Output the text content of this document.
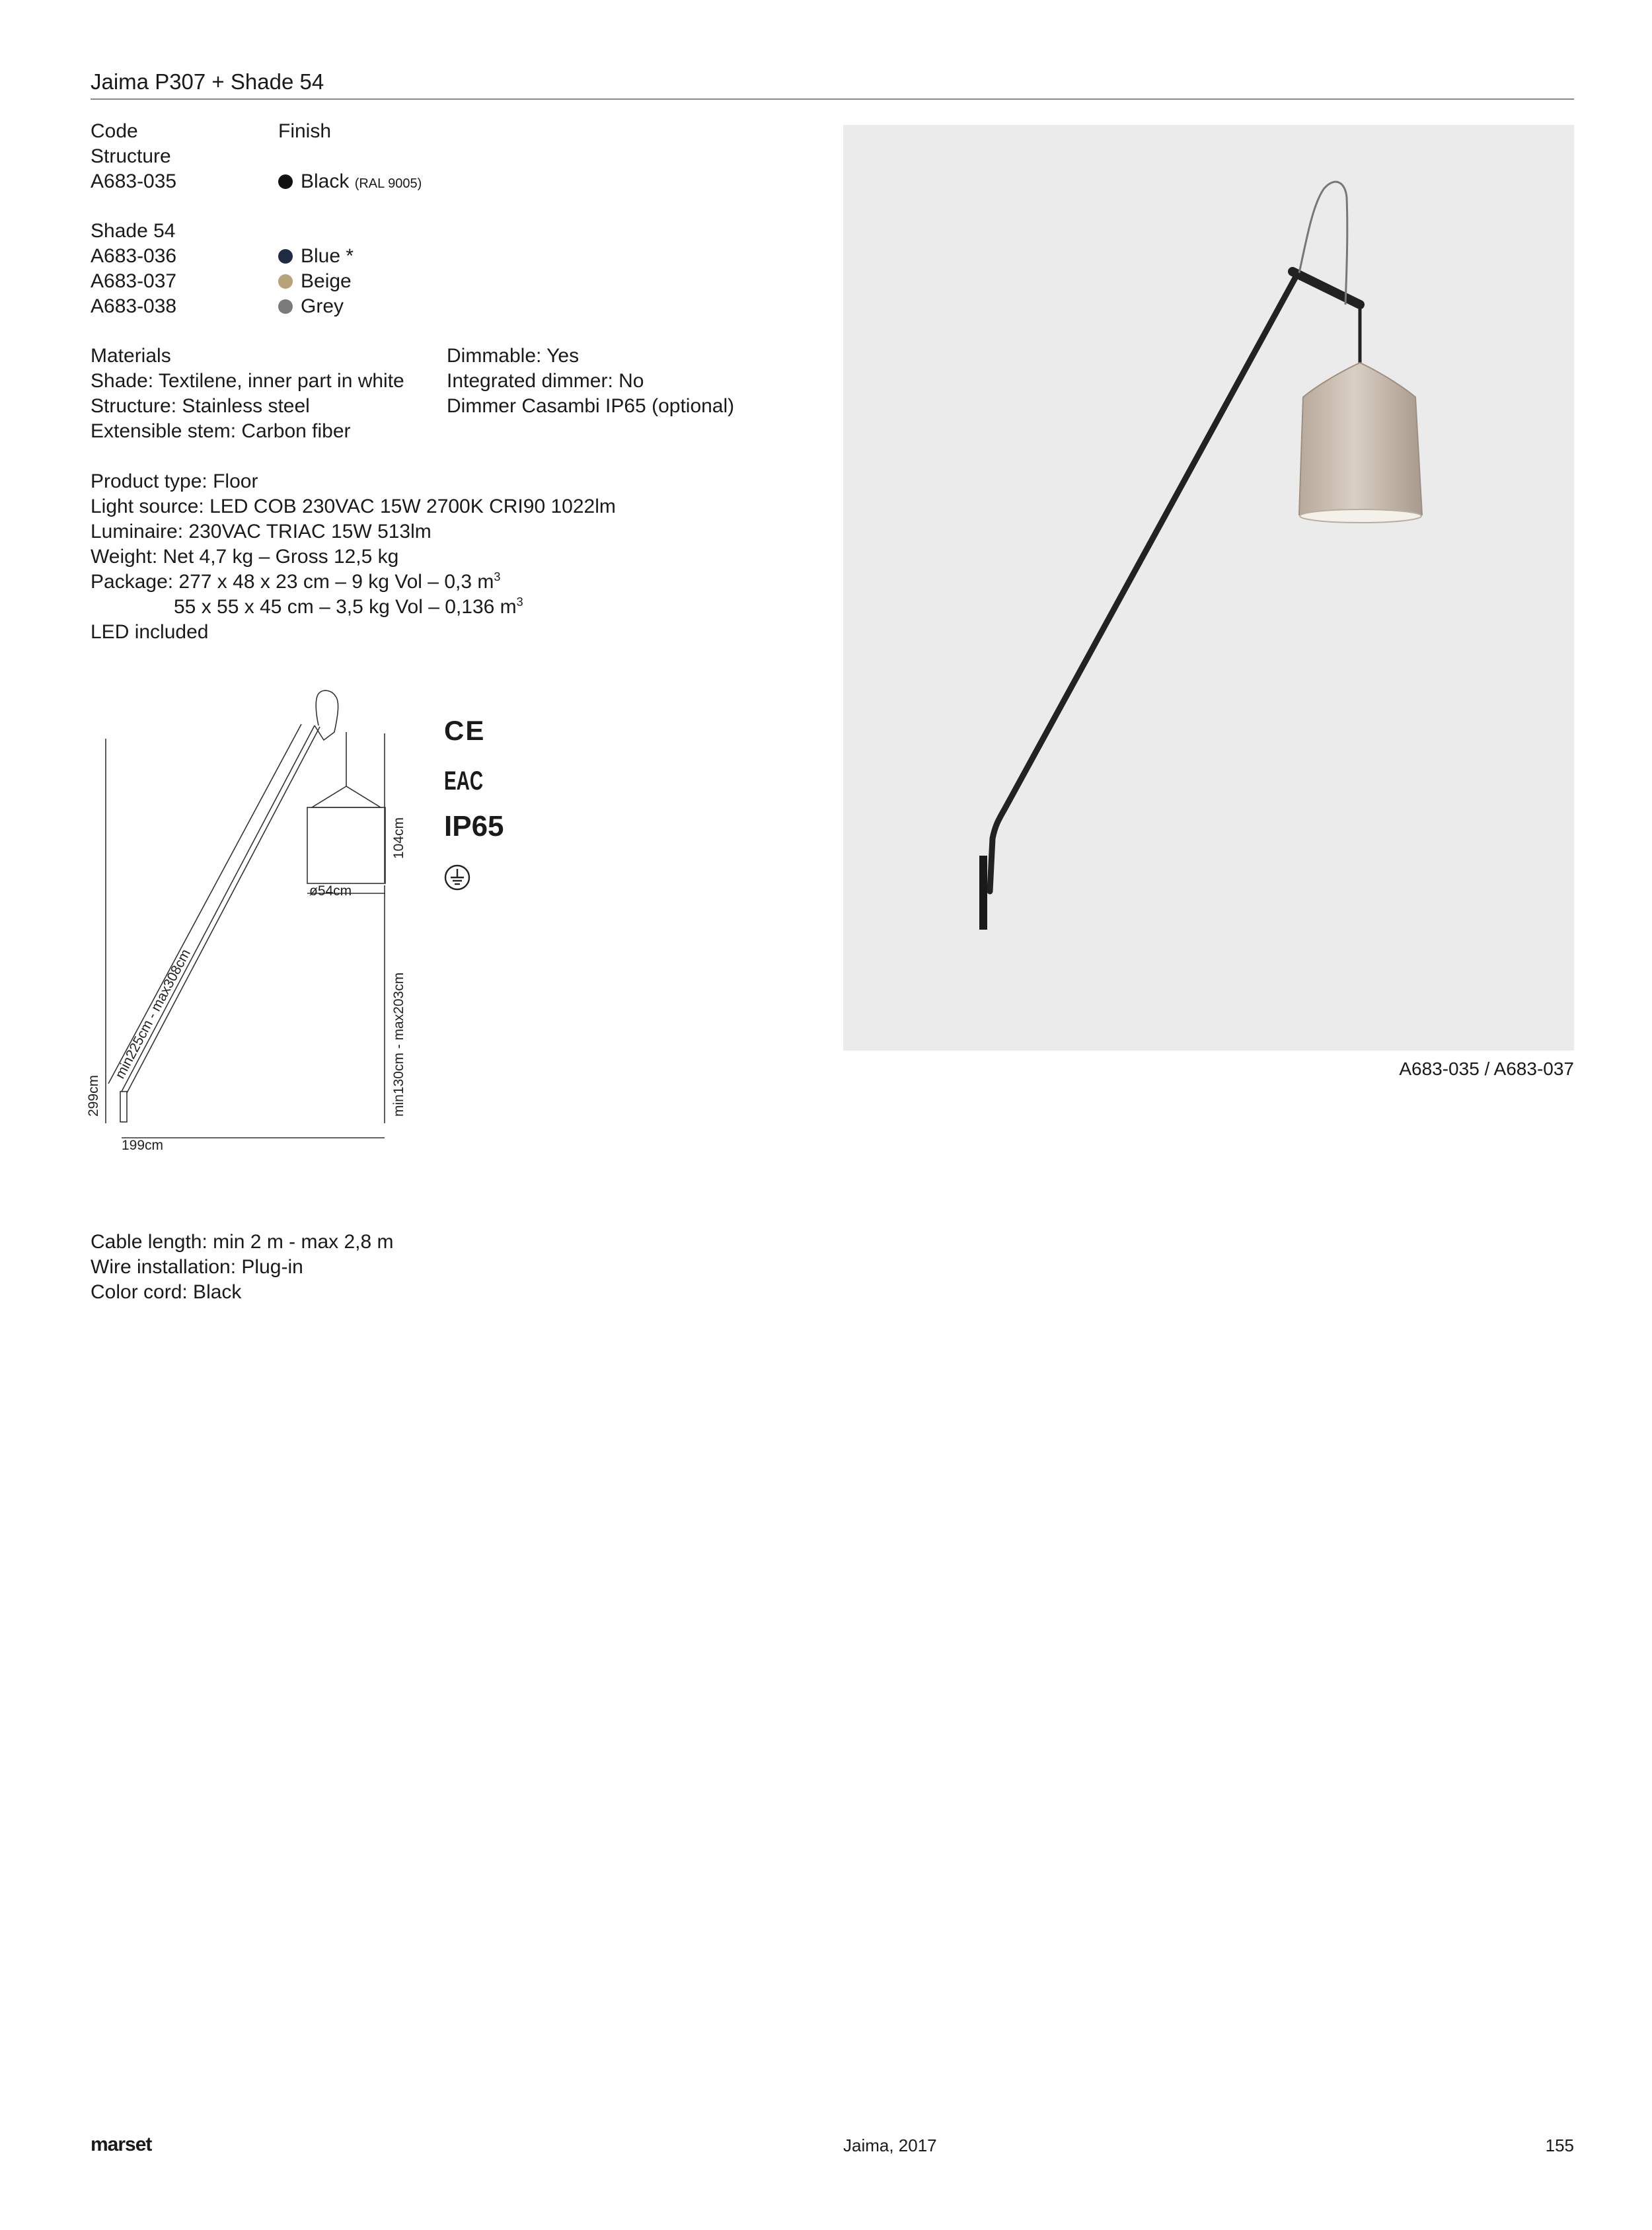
Jaima P307 + Shade 54
Code	Finish
Structure
A683-035	Black (RAL 9005)
Shade 54
A683-036	Blue *
A683-037	Beige
A683-038	Grey
Materials
Shade: Textilene, inner part in white
Structure: Stainless steel
Extensible stem: Carbon fiber
Dimmable: Yes
Integrated dimmer: No
Dimmer Casambi IP65 (optional)
Product type: Floor
Light source: LED COB 230VAC 15W 2700K CRI90 1022lm
Luminaire: 230VAC TRIAC 15W 513lm
Weight: Net 4,7 kg – Gross 12,5 kg
Package: 277 x 48 x 23 cm – 9 kg Vol – 0,3 $m^3$
55 x 55 x 45 cm – 3,5 kg Vol – 0,136 $m^3$
LED included
ø54cm
104cm
min130cm - max203cm
299cm
min225cm - max308cm
199cm
CE
EAC
IP65
Cable length: min 2 m - max 2,8 m
Wire installation: Plug-in
Color cord: Black
A683-035 / A683-037
marset	Jaima, 2017	155
